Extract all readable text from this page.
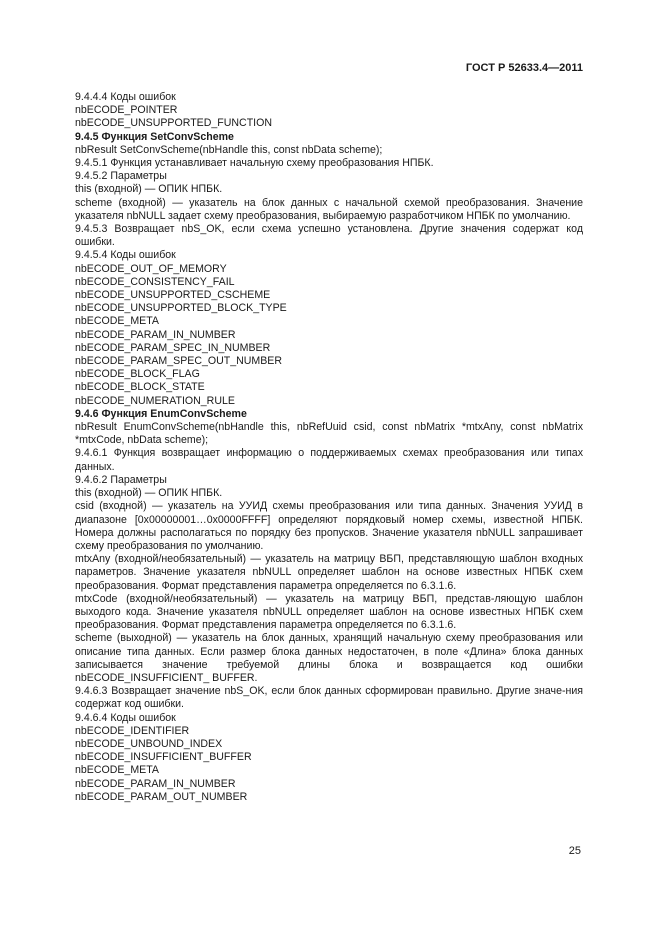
ГОСТ Р 52633.4—2011

9.4.4.4 Коды ошибок

nbECODE_POINTER

nbECODE_UNSUPPORTED_FUNCTION

9.4.5 Функция SetConvScheme

nbResult SetConvScheme(nbHandle this, const nbData scheme);

9.4.5.1 Функция устанавливает начальную схему преобразования НПБК.

9.4.5.2 Параметры

this (входной) — ОПИК НПБК.

scheme (входной) — указатель на блок данных с начальной схемой преобразования. Значение указателя nbNULL задает схему преобразования, выбираемую разработчиком НПБК по умолчанию.

9.4.5.3 Возвращает nbS_OK, если схема успешно установлена. Другие значения содержат код ошибки.

9.4.5.4 Коды ошибок

nbECODE_OUT_OF_MEMORY

nbECODE_CONSISTENCY_FAIL

nbECODE_UNSUPPORTED_CSCHEME

nbECODE_UNSUPPORTED_BLOCK_TYPE

nbECODE_META

nbECODE_PARAM_IN_NUMBER

nbECODE_PARAM_SPEC_IN_NUMBER

nbECODE_PARAM_SPEC_OUT_NUMBER

nbECODE_BLOCK_FLAG

nbECODE_BLOCK_STATE

nbECODE_NUMERATION_RULE

9.4.6 Функция EnumConvScheme

nbResult EnumConvScheme(nbHandle this, nbRefUuid csid, const nbMatrix *mtxAny, const nbMatrix *mtxCode, nbData scheme);

9.4.6.1 Функция возвращает информацию о поддерживаемых схемах преобразования или типах данных.

9.4.6.2 Параметры

this (входной) — ОПИК НПБК.

csid (входной) — указатель на УУИД схемы преобразования или типа данных. Значения УУИД в диапазоне [0x00000001…0x0000FFFF] определяют порядковый номер схемы, известной НПБК. Номера должны располагаться по порядку без пропусков. Значение указателя nbNULL запрашивает схему преобразования по умолчанию.

mtxAny (входной/необязательный) — указатель на матрицу ВБП, представляющую шаблон входных параметров. Значение указателя nbNULL определяет шаблон на основе известных НПБК схем преобразования. Формат представления параметра определяется по 6.3.1.6.

mtxCode (входной/необязательный) — указатель на матрицу ВБП, представ-ляющую шаблон выходого кода. Значение указателя nbNULL определяет шаблон на основе известных НПБК схем преобразования. Формат представления параметра определяется по 6.3.1.6.

scheme (выходной) — указатель на блок данных, хранящий начальную схему преобразования или описание типа данных. Если размер блока данных недостаточен, в поле «Длина» блока данных записывается значение требуемой длины блока и возвращается код ошибки nbECODE_INSUFFICIENT_ BUFFER.

9.4.6.3 Возвращает значение nbS_OK, если блок данных сформирован правильно. Другие значе-ния содержат код ошибки.

9.4.6.4 Коды ошибок

nbECODE_IDENTIFIER

nbECODE_UNBOUND_INDEX

nbECODE_INSUFFICIENT_BUFFER

nbECODE_META

nbECODE_PARAM_IN_NUMBER

nbECODE_PARAM_OUT_NUMBER

25
